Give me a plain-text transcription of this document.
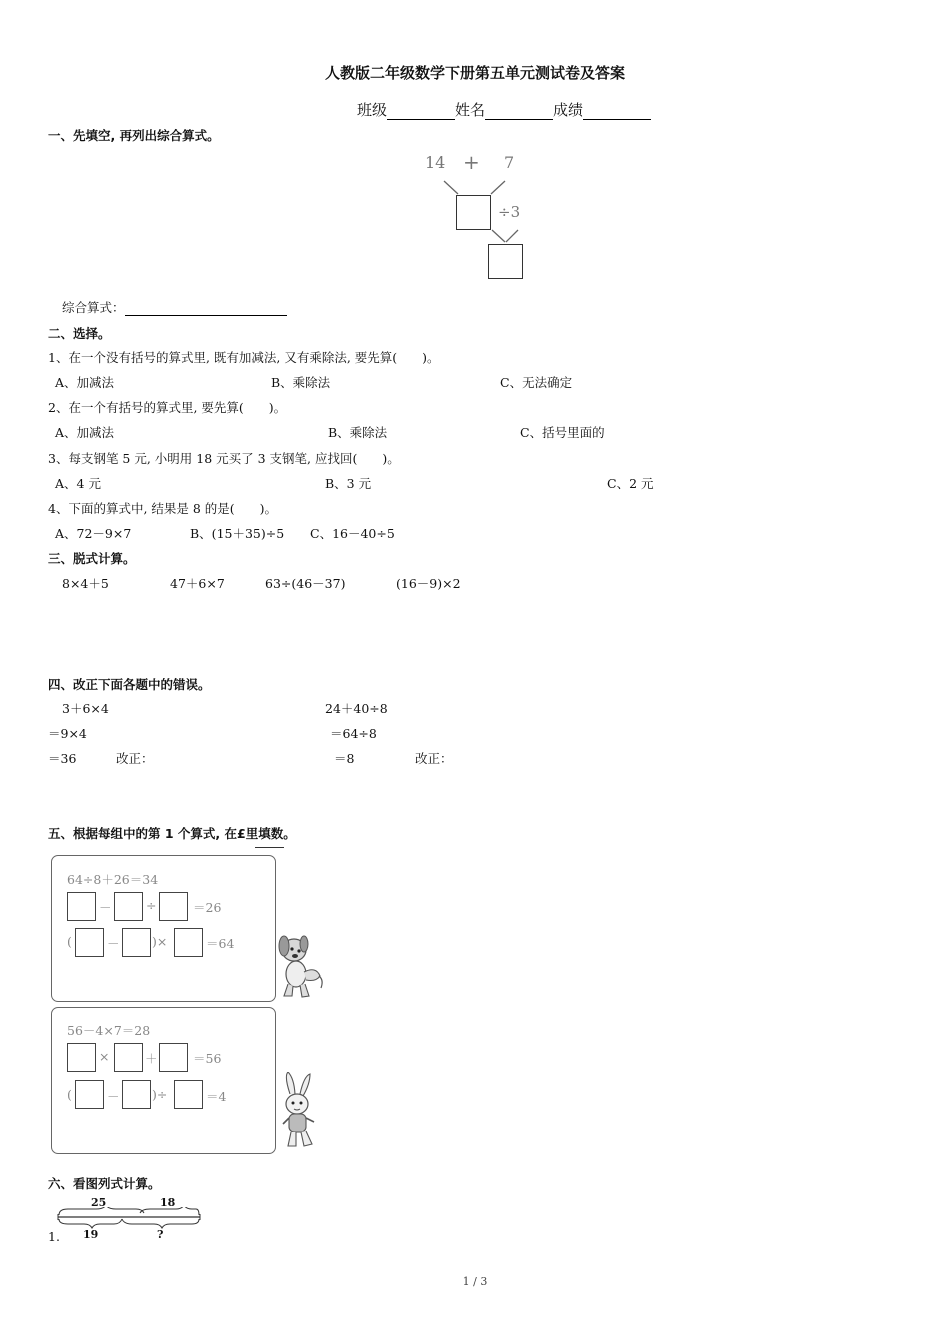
人教版二年级数学下册第五单元测试卷及答案
班级	姓名	成绩
一、先填空, 再列出综合算式。
14 + 7
÷3
综合算式：
二、选择。
1、在一个没有括号的算式里, 既有加减法, 又有乘除法, 要先算(　　)。
A、加减法	B、乘除法	C、无法确定
2、在一个有括号的算式里, 要先算(　　)。
A、加减法	B、乘除法	C、括号里面的
3、每支钢笔 5 元, 小明用 18 元买了 3 支钢笔, 应找回(　　)。
A、4 元	B、3 元	C、2 元
4、下面的算式中, 结果是 8 的是(　　)。
A、72－9×7	B、(15＋35)÷5 C、16－40÷5
三、脱式计算。
8×4＋5	47＋6×7	63÷(46－37)	(16－9)×2
四、改正下面各题中的错误。
3＋6×4
＝9×4
＝36	改正：
24＋40÷8
＝64÷8
＝8	改正：
五、根据每组中的第 1 个算式, 在£里填数。
64÷8＋26＝34
－	÷	＝26
(	－	)×	＝64
56－4×7＝28
×	＋	＝56
(	－	)÷	＝4
六、看图列式计算。
25	18
1. 19	?
1 / 3
